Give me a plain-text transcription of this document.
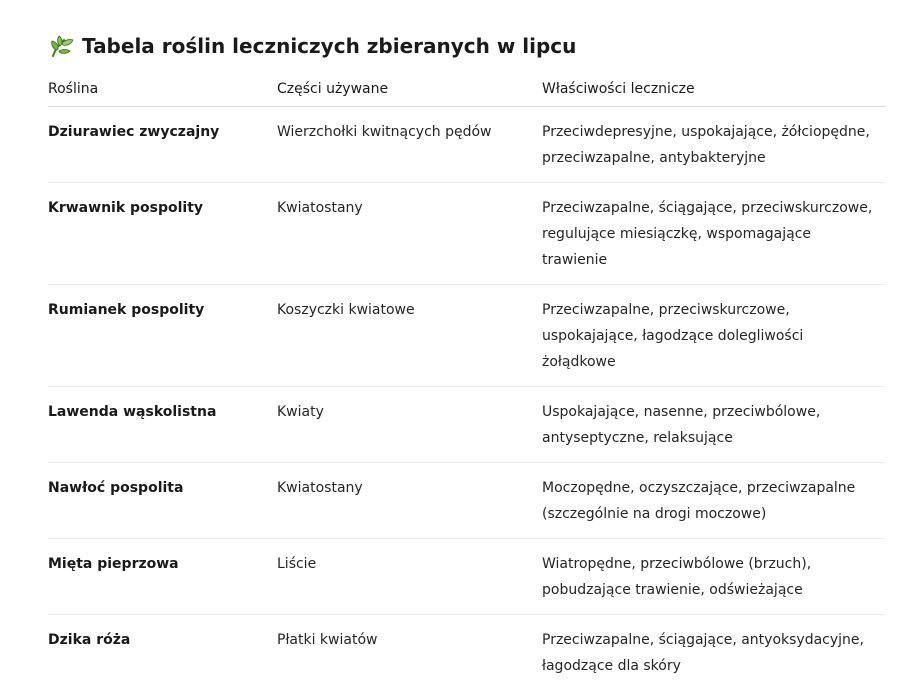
Tabela roślin leczniczych zbieranych w lipcu
Roślina	Części używane	Właściwości lecznicze
Dziurawiec zwyczajny	Wierzchołki kwitnących pędów	Przeciwdepresyjne, uspokajające, żółciopędne, przeciwzapalne, antybakteryjne
Krwawnik pospolity	Kwiatostany	Przeciwzapalne, ściągające, przeciwskurczowe, regulujące miesiączkę, wspomagające trawienie
Rumianek pospolity	Koszyczki kwiatowe	Przeciwzapalne, przeciwskurczowe, uspokajające, łagodzące dolegliwości żołądkowe
Lawenda wąskolistna	Kwiaty	Uspokajające, nasenne, przeciwbólowe, antyseptyczne, relaksujące
Nawłoć pospolita	Kwiatostany	Moczopędne, oczyszczające, przeciwzapalne (szczególnie na drogi moczowe)
Mięta pieprzowa	Liście	Wiatropędne, przeciwbólowe (brzuch), pobudzające trawienie, odświeżające
Dzika róża	Płatki kwiatów	Przeciwzapalne, ściągające, antyoksydacyjne, łagodzące dla skóry
